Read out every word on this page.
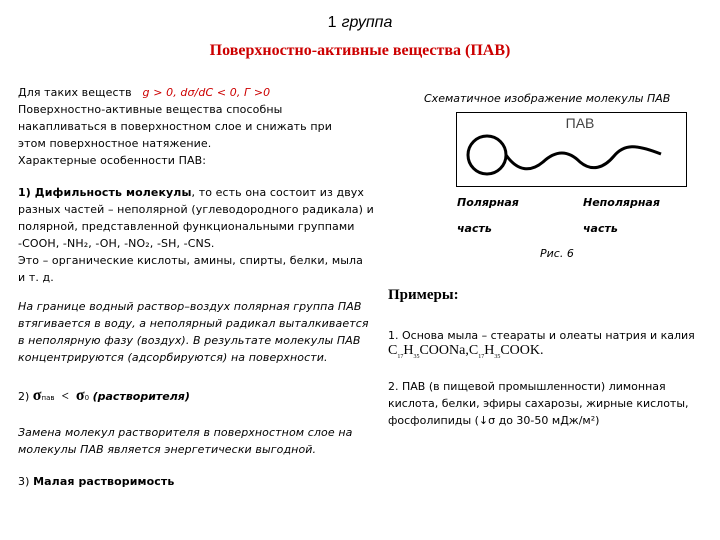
1 группа
Поверхностно-активные вещества (ПАВ)
Для таких веществ g > 0, dσ/dC < 0, Г >0
Поверхностно-активные вещества способны
накапливаться в поверхностном слое и снижать при
этом поверхностное натяжение.
Характерные особенности ПАВ:
1) Дифильность молекулы, то есть она состоит из двух
разных частей – неполярной (углеводородного радикала) и
полярной, представленной функциональными группами
-COOH, -NH₂, -OH, -NO₂, -SH, -CNS.
Это – органические кислоты, амины, спирты, белки, мыла
и т. д.
На границе водный раствор–воздух полярная группа ПАВ
втягивается в воду, а неполярный радикал выталкивается
в неполярную фазу (воздух). В результате молекулы ПАВ
концентрируются (адсорбируются) на поверхности.
2) σпав < σ0 (растворителя)
Замена молекул растворителя в поверхностном слое на
молекулы ПАВ является энергетически выгодной.
3) Малая растворимость
Схематичное изображение молекулы ПАВ
ПАВ
Полярная
часть
Неполярная
часть
Рис. 6
Примеры:
1. Основа мыла – стеараты и олеаты натрия и калия
$C_{17}H_{35}COONa,C_{17}H_{35}COOK$.
2. ПАВ (в пищевой промышленности) лимонная
кислота, белки, эфиры сахарозы, жирные кислоты,
фосфолипиды (↓σ до 30-50 мДж/м²)
